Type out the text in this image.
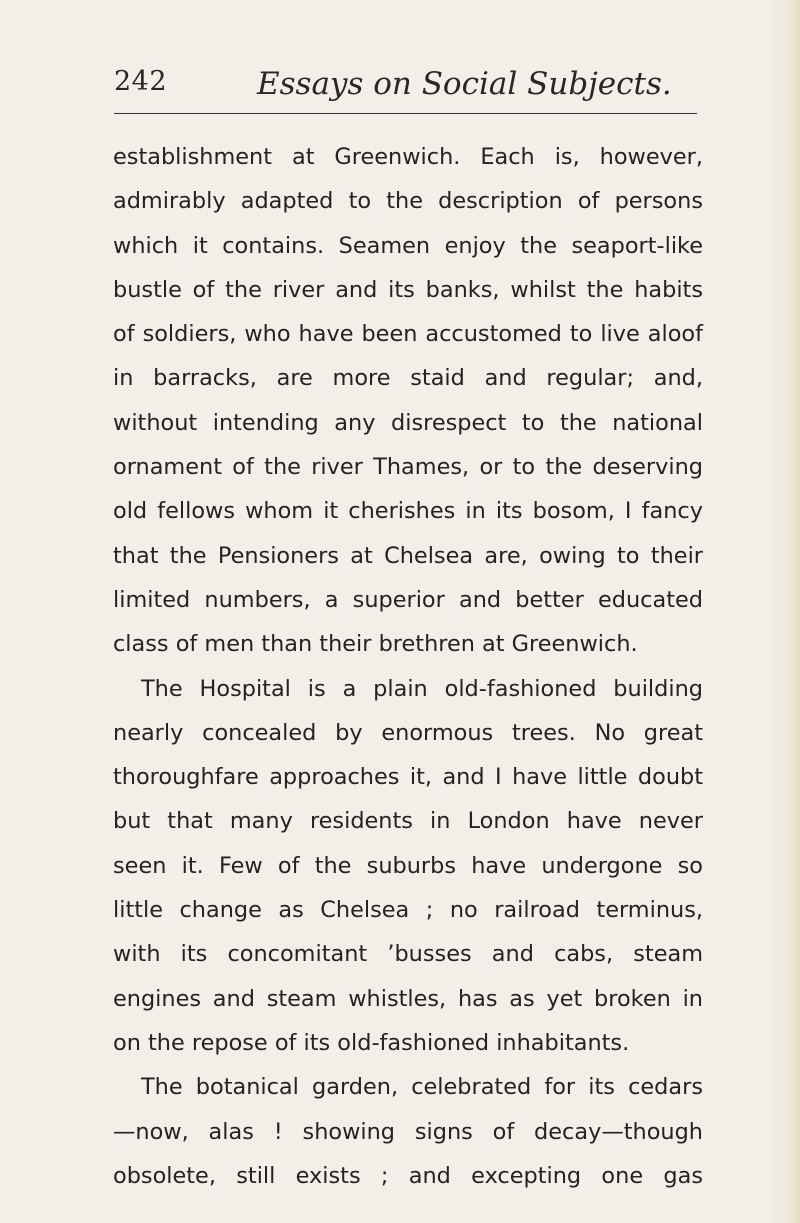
242	Essays on Social Subjects.
establishment at Greenwich. Each is, however,
admirably adapted to the description of persons
which it contains. Seamen enjoy the seaport-like
bustle of the river and its banks, whilst the habits
of soldiers, who have been accustomed to live aloof
in barracks, are more staid and regular; and,
without intending any disrespect to the national
ornament of the river Thames, or to the deserving
old fellows whom it cherishes in its bosom, I fancy
that the Pensioners at Chelsea are, owing to their
limited numbers, a superior and better educated
class of men than their brethren at Greenwich.
The Hospital is a plain old-fashioned building
nearly concealed by enormous trees. No great
thoroughfare approaches it, and I have little doubt
but that many residents in London have never
seen it. Few of the suburbs have undergone so
little change as Chelsea ; no railroad terminus,
with its concomitant ’busses and cabs, steam
engines and steam whistles, has as yet broken in
on the repose of its old-fashioned inhabitants.
The botanical garden, celebrated for its cedars
—now, alas ! showing signs of decay—though
obsolete, still exists ; and excepting one gas
